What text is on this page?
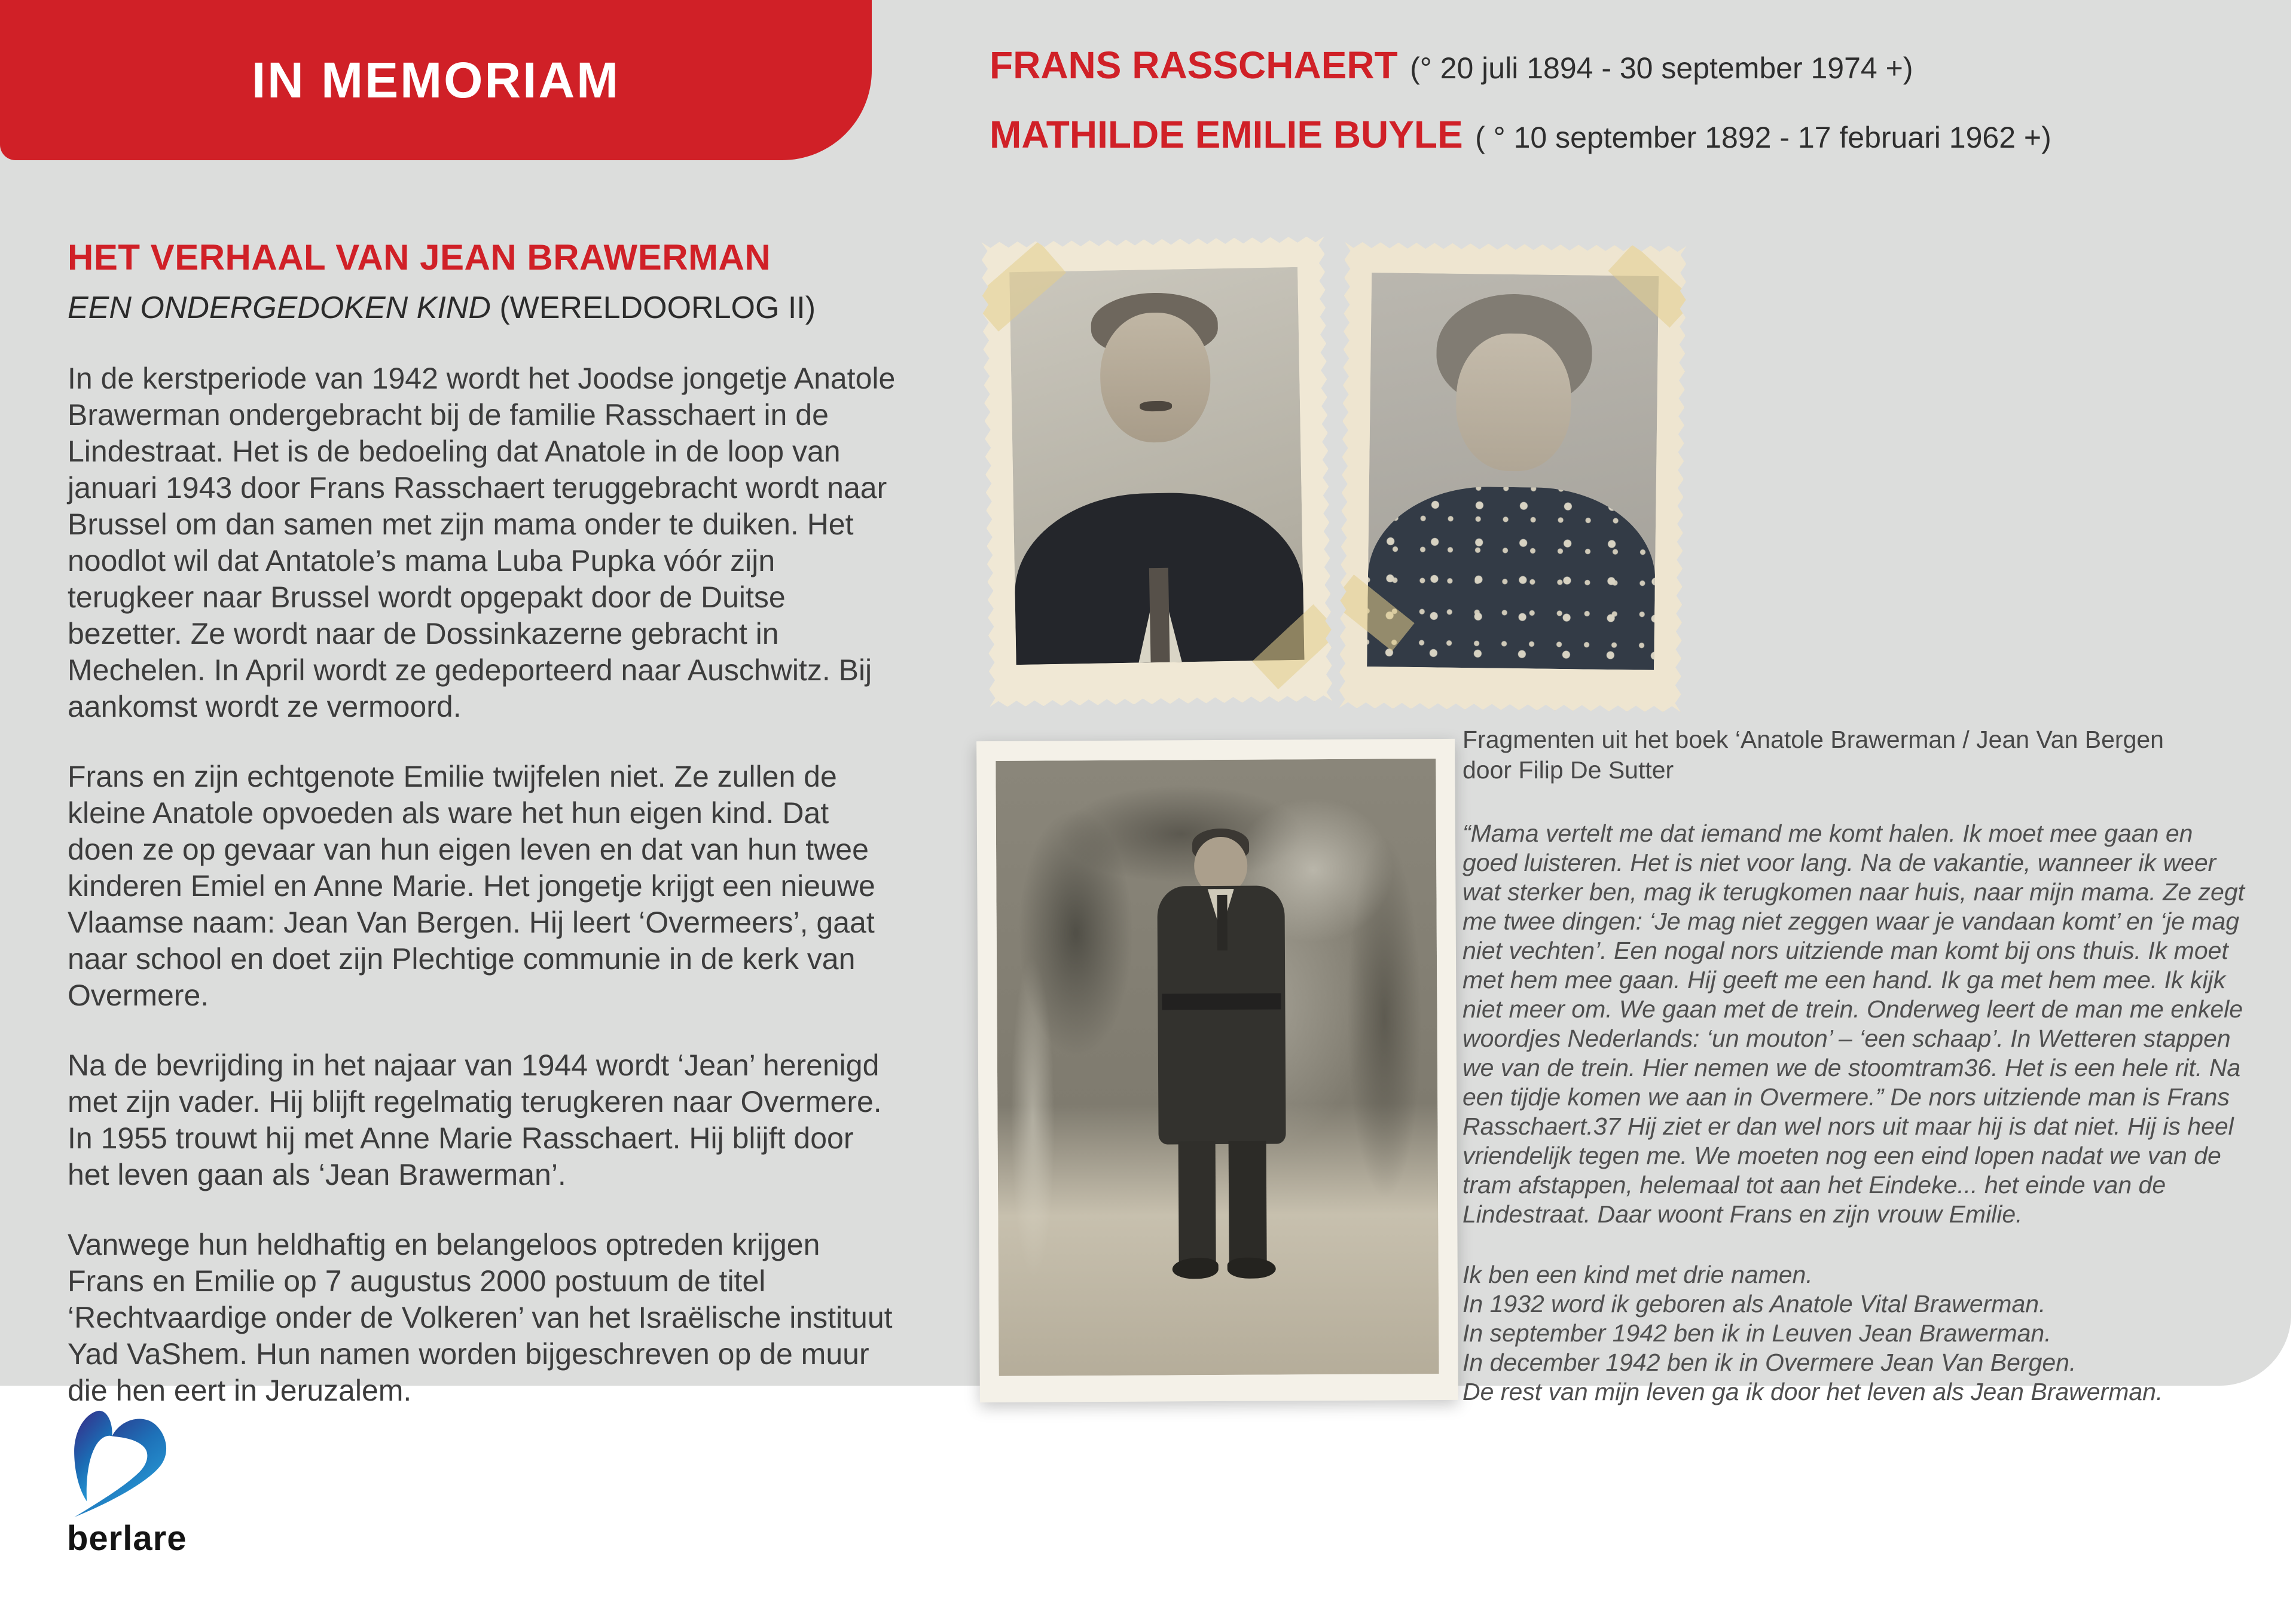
IN MEMORIAM	FRANS RASSCHAERT (° 20 juli 1894 - 30 september 1974 +)
MATHILDE EMILIE BUYLE ( ° 10 september 1892 - 17 februari 1962 +)
HET VERHAAL VAN JEAN BRAWERMAN
EEN ONDERGEDOKEN KIND (WERELDOORLOG II)

In de kerstperiode van 1942 wordt het Joodse jongetje Anatole Brawerman ondergebracht bij de familie Rasschaert in de Lindestraat. Het is de bedoeling dat Anatole in de loop van januari 1943 door Frans Rasschaert teruggebracht wordt naar Brussel om dan samen met zijn mama onder te duiken. Het noodlot wil dat Antatole’s mama Luba Pupka vóór zijn terugkeer naar Brussel wordt opgepakt door de Duitse bezetter. Ze wordt naar de Dossinkazerne gebracht in Mechelen. In April wordt ze gedeporteerd naar Auschwitz. Bij aankomst wordt ze vermoord.

Frans en zijn echtgenote Emilie twijfelen niet. Ze zullen de kleine Anatole opvoeden als ware het hun eigen kind. Dat doen ze op gevaar van hun eigen leven en dat van hun twee kinderen Emiel en Anne Marie. Het jongetje krijgt een nieuwe Vlaamse naam: Jean Van Bergen. Hij leert ‘Overmeers’, gaat naar school en doet zijn Plechtige communie in de kerk van Overmere.

Na de bevrijding in het najaar van 1944 wordt ‘Jean’ herenigd met zijn vader. Hij blijft regelmatig terugkeren naar Overmere. In 1955 trouwt hij met Anne Marie Rasschaert. Hij blijft door het leven gaan als ‘Jean Brawerman’.

Vanwege hun heldhaftig en belangeloos optreden krijgen Frans en Emilie op 7 augustus 2000 postuum de titel ‘Rechtvaardige onder de Volkeren’ van het Israëlische instituut Yad VaShem. Hun namen worden bijgeschreven op de muur die hen eert in Jeruzalem.

Fragmenten uit het boek ‘Anatole Brawerman / Jean Van Bergen door Filip De Sutter

“Mama vertelt me dat iemand me komt halen. Ik moet mee gaan en goed luisteren. Het is niet voor lang. Na de vakantie, wanneer ik weer wat sterker ben, mag ik terugkomen naar huis, naar mijn mama. Ze zegt me twee dingen: ‘Je mag niet zeggen waar je vandaan komt’ en ‘je mag niet vechten’. Een nogal nors uitziende man komt bij ons thuis. Ik moet met hem mee gaan. Hij geeft me een hand. Ik ga met hem mee. Ik kijk niet meer om. We gaan met de trein. Onderweg leert de man me enkele woordjes Nederlands: ‘un mouton’ – ‘een schaap’. In Wetteren stappen we van de trein. Hier nemen we de stoomtram36. Het is een hele rit. Na een tijdje komen we aan in Overmere.” De nors uitziende man is Frans Rasschaert.37 Hij ziet er dan wel nors uit maar hij is dat niet. Hij is heel vriendelijk tegen me. We moeten nog een eind lopen nadat we van de tram afstappen, helemaal tot aan het Eindeke... het einde van de Lindestraat. Daar woont Frans en zijn vrouw Emilie.

Ik ben een kind met drie namen.
In 1932 word ik geboren als Anatole Vital Brawerman.
In september 1942 ben ik in Leuven Jean Brawerman.
In december 1942 ben ik in Overmere Jean Van Bergen.
De rest van mijn leven ga ik door het leven als Jean Brawerman.
berlare
